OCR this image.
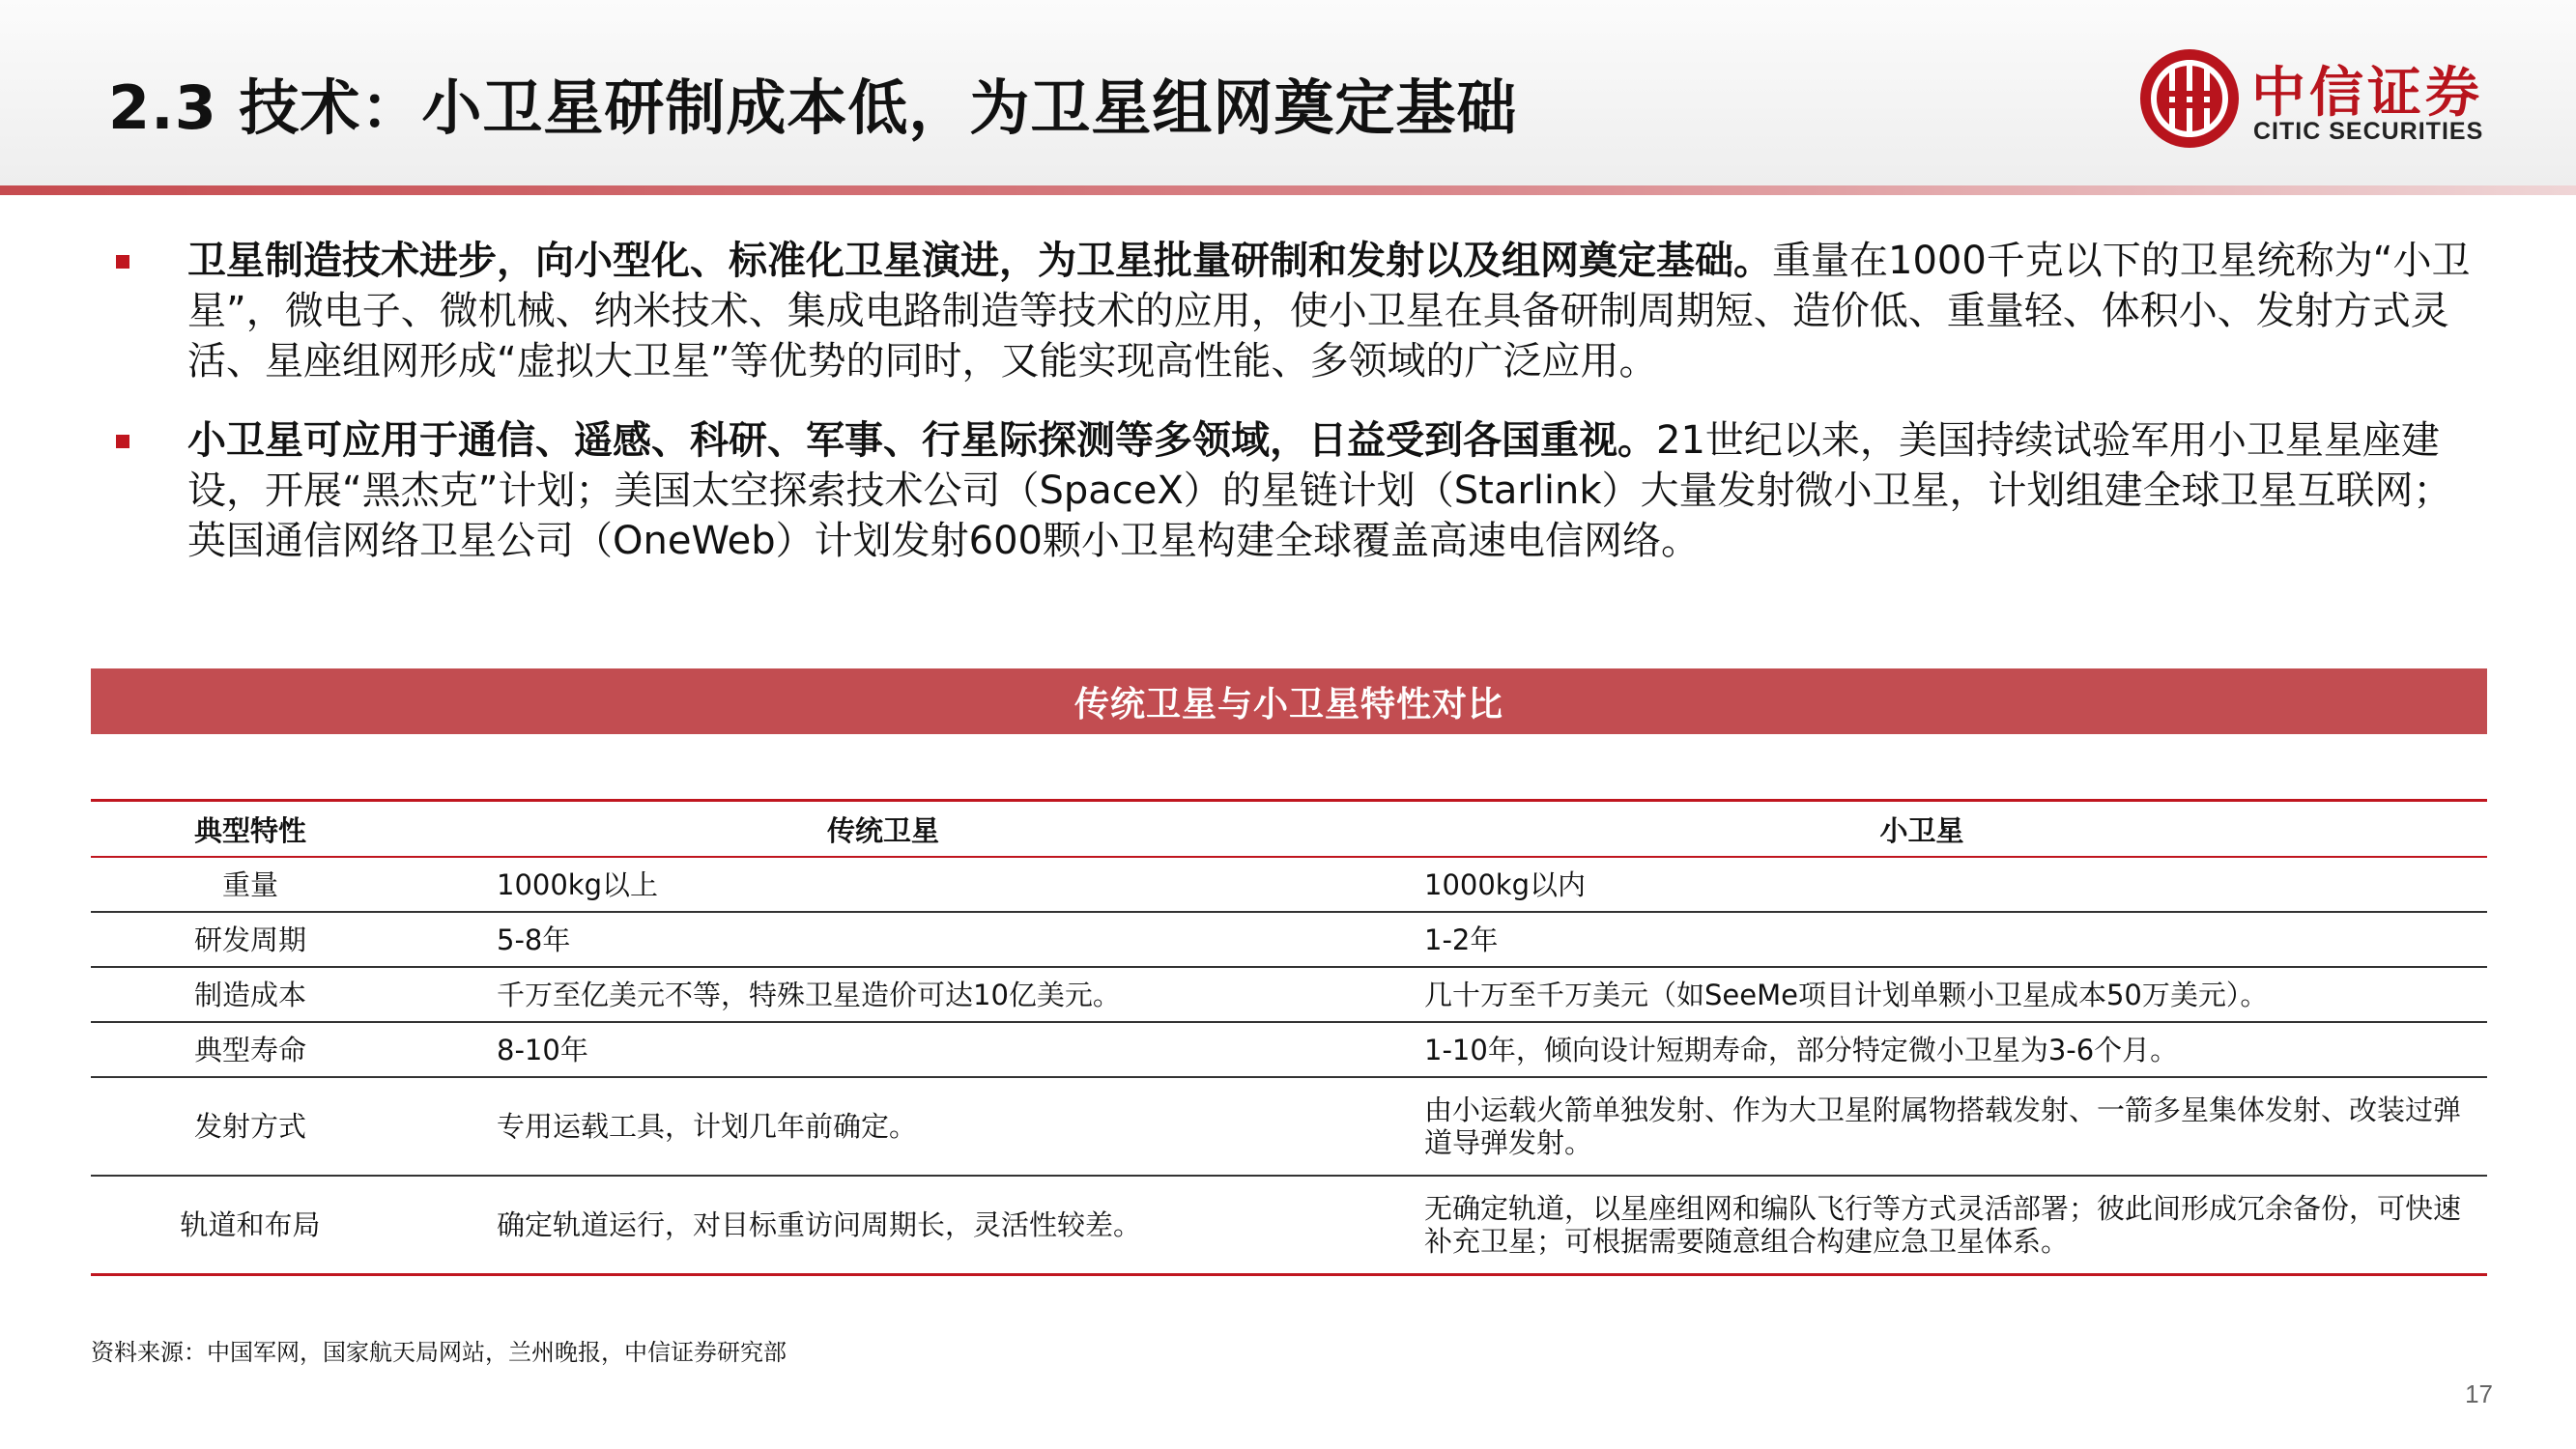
2.3 技术：小卫星研制成本低，为卫星组网奠定基础	中信证券
CITIC SECURITIES
卫星制造技术进步，向小型化、标准化卫星演进，为卫星批量研制和发射以及组网奠定基础。重量在1000千克以下的卫星统称为“小卫星”，微电子、微机械、纳米技术、集成电路制造等技术的应用，使小卫星在具备研制周期短、造价低、重量轻、体积小、发射方式灵活、星座组网形成“虚拟大卫星”等优势的同时，又能实现高性能、多领域的广泛应用。
小卫星可应用于通信、遥感、科研、军事、行星际探测等多领域，日益受到各国重视。21世纪以来，美国持续试验军用小卫星星座建设，开展“黑杰克”计划；美国太空探索技术公司（SpaceX）的星链计划（Starlink）大量发射微小卫星，计划组建全球卫星互联网；英国通信网络卫星公司（OneWeb）计划发射600颗小卫星构建全球覆盖高速电信网络。
传统卫星与小卫星特性对比
典型特性	传统卫星	小卫星
重量	1000kg以上	1000kg以内
研发周期	5-8年	1-2年
制造成本	千万至亿美元不等，特殊卫星造价可达10亿美元。	几十万至千万美元（如SeeMe项目计划单颗小卫星成本50万美元）。
典型寿命	8-10年	1-10年，倾向设计短期寿命，部分特定微小卫星为3-6个月。
发射方式	专用运载工具，计划几年前确定。	由小运载火箭单独发射、作为大卫星附属物搭载发射、一箭多星集体发射、改装过弹道导弹发射。
轨道和布局	确定轨道运行，对目标重访问周期长，灵活性较差。	无确定轨道，以星座组网和编队飞行等方式灵活部署；彼此间形成冗余备份，可快速补充卫星；可根据需要随意组合构建应急卫星体系。
资料来源：中国军网，国家航天局网站，兰州晚报，中信证券研究部
17
